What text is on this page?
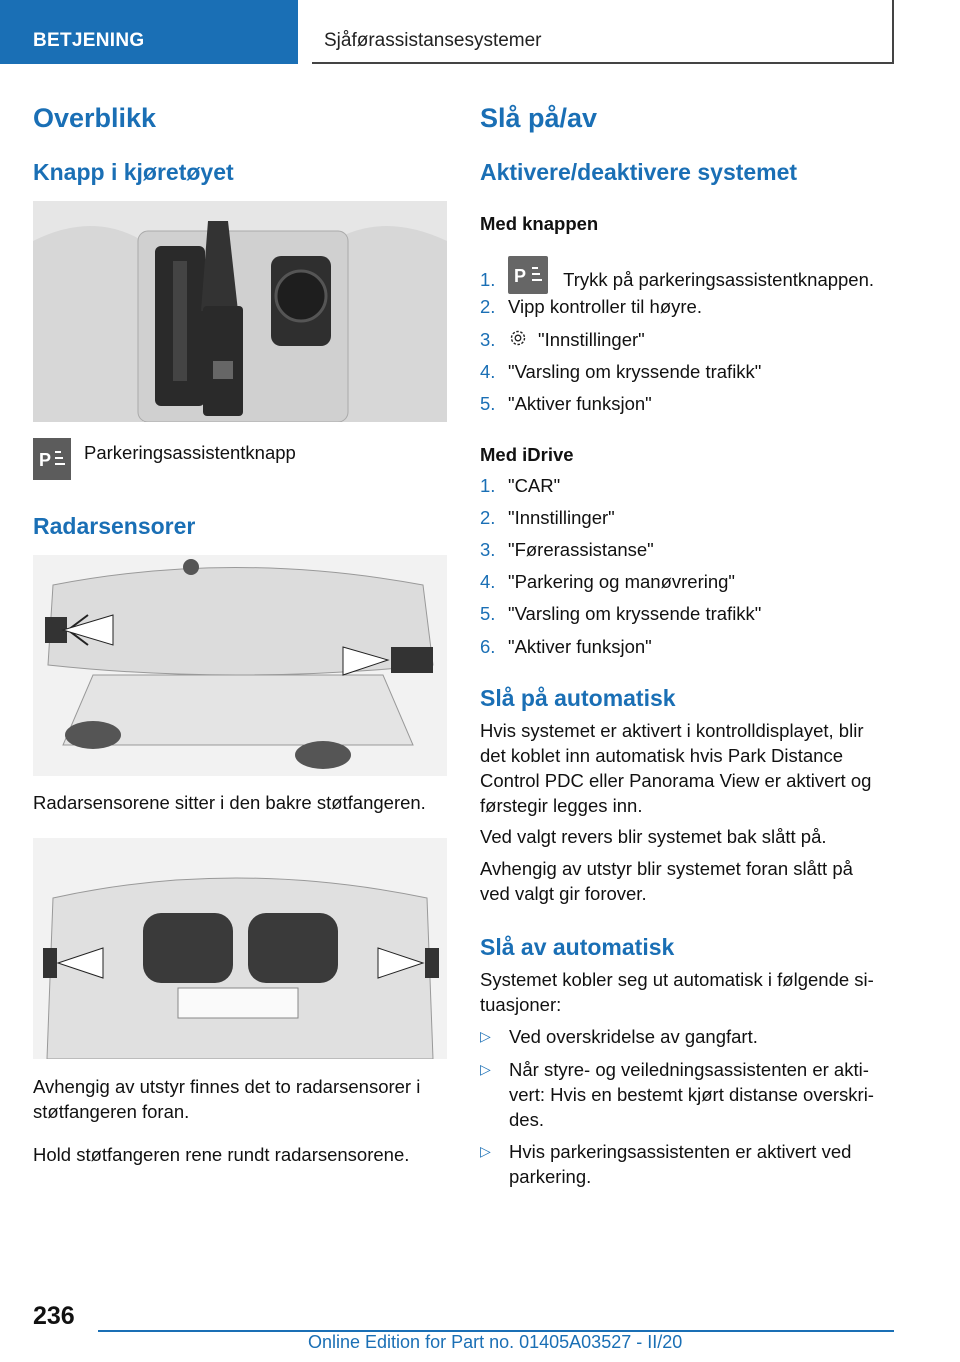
BETJENING	Sjåførassistansesystemer
Overblikk
Knapp i kjøretøyet
P Parkeringsassistentknapp
Radarsensorer
Radarsensorene sitter i den bakre støtfangeren.
Avhengig av utstyr finnes det to radarsensorer i
støtfangeren foran.
Hold støtfangeren rene rundt radarsensorene.
Slå på/av
Aktivere/deaktivere systemet
Med knappen
1. P Trykk på parkeringsassistentknappen.
2. Vipp kontroller til høyre.
3. "Innstillinger"
4. "Varsling om kryssende trafikk"
5. "Aktiver funksjon"
Med iDrive
1. "CAR"
2. "Innstillinger"
3. "Førerassistanse"
4. "Parkering og manøvrering"
5. "Varsling om kryssende trafikk"
6. "Aktiver funksjon"
Slå på automatisk
Hvis systemet er aktivert i kontrolldisplayet, blir
det koblet inn automatisk hvis Park Distance
Control PDC eller Panorama View er aktivert og
førstegir legges inn.
Ved valgt revers blir systemet bak slått på.
Avhengig av utstyr blir systemet foran slått på
ved valgt gir forover.
Slå av automatisk
Systemet kobler seg ut automatisk i følgende si-
tuasjoner:
▷ Ved overskridelse av gangfart.
▷ Når styre- og veiledningsassistenten er akti-
vert: Hvis en bestemt kjørt distanse overskri-
des.
▷ Hvis parkeringsassistenten er aktivert ved
parkering.
236
Online Edition for Part no. 01405A03527 - II/20
